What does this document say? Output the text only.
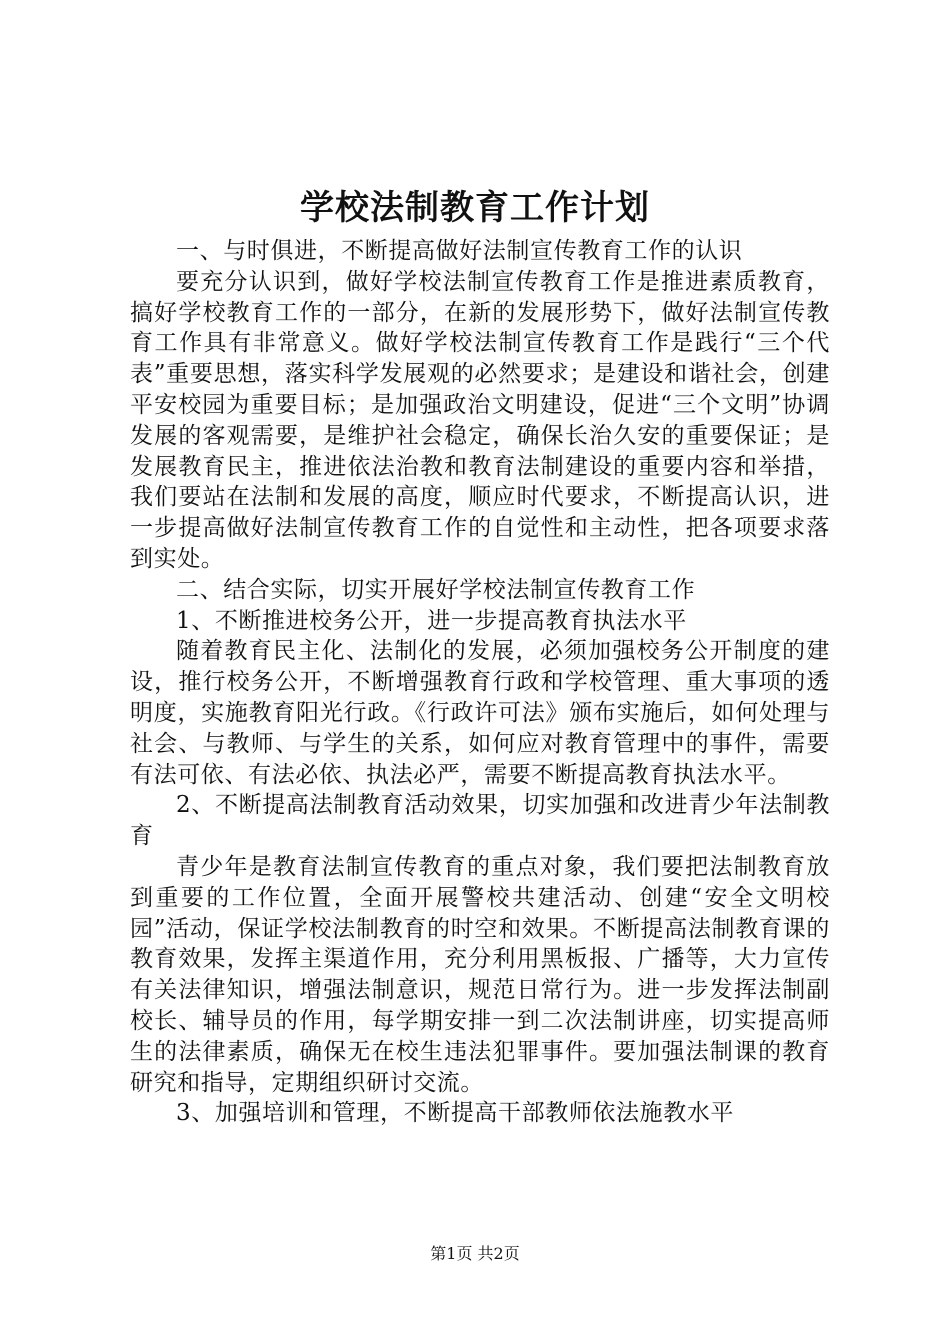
学校法制教育工作计划

一、与时俱进，不断提高做好法制宣传教育工作的认识

要充分认识到，做好学校法制宣传教育工作是推进素质教育，搞好学校教育工作的一部分，在新的发展形势下，做好法制宣传教育工作具有非常意义。做好学校法制宣传教育工作是践行“三个代表”重要思想，落实科学发展观的必然要求；是建设和谐社会，创建平安校园为重要目标；是加强政治文明建设，促进“三个文明”协调发展的客观需要，是维护社会稳定，确保长治久安的重要保证；是发展教育民主，推进依法治教和教育法制建设的重要内容和举措，我们要站在法制和发展的高度，顺应时代要求，不断提高认识，进一步提高做好法制宣传教育工作的自觉性和主动性，把各项要求落到实处。

二、结合实际，切实开展好学校法制宣传教育工作

1、不断推进校务公开，进一步提高教育执法水平

随着教育民主化、法制化的发展，必须加强校务公开制度的建设，推行校务公开，不断增强教育行政和学校管理、重大事项的透明度，实施教育阳光行政。《行政许可法》颁布实施后，如何处理与社会、与教师、与学生的关系，如何应对教育管理中的事件，需要有法可依、有法必依、执法必严，需要不断提高教育执法水平。

2、不断提高法制教育活动效果，切实加强和改进青少年法制教育

青少年是教育法制宣传教育的重点对象，我们要把法制教育放到重要的工作位置，全面开展警校共建活动、创建“安全文明校园”活动，保证学校法制教育的时空和效果。不断提高法制教育课的教育效果，发挥主渠道作用，充分利用黑板报、广播等，大力宣传有关法律知识，增强法制意识，规范日常行为。进一步发挥法制副校长、辅导员的作用，每学期安排一到二次法制讲座，切实提高师生的法律素质，确保无在校生违法犯罪事件。要加强法制课的教育研究和指导，定期组织研讨交流。

3、加强培训和管理，不断提高干部教师依法施教水平

第1页 共2页
